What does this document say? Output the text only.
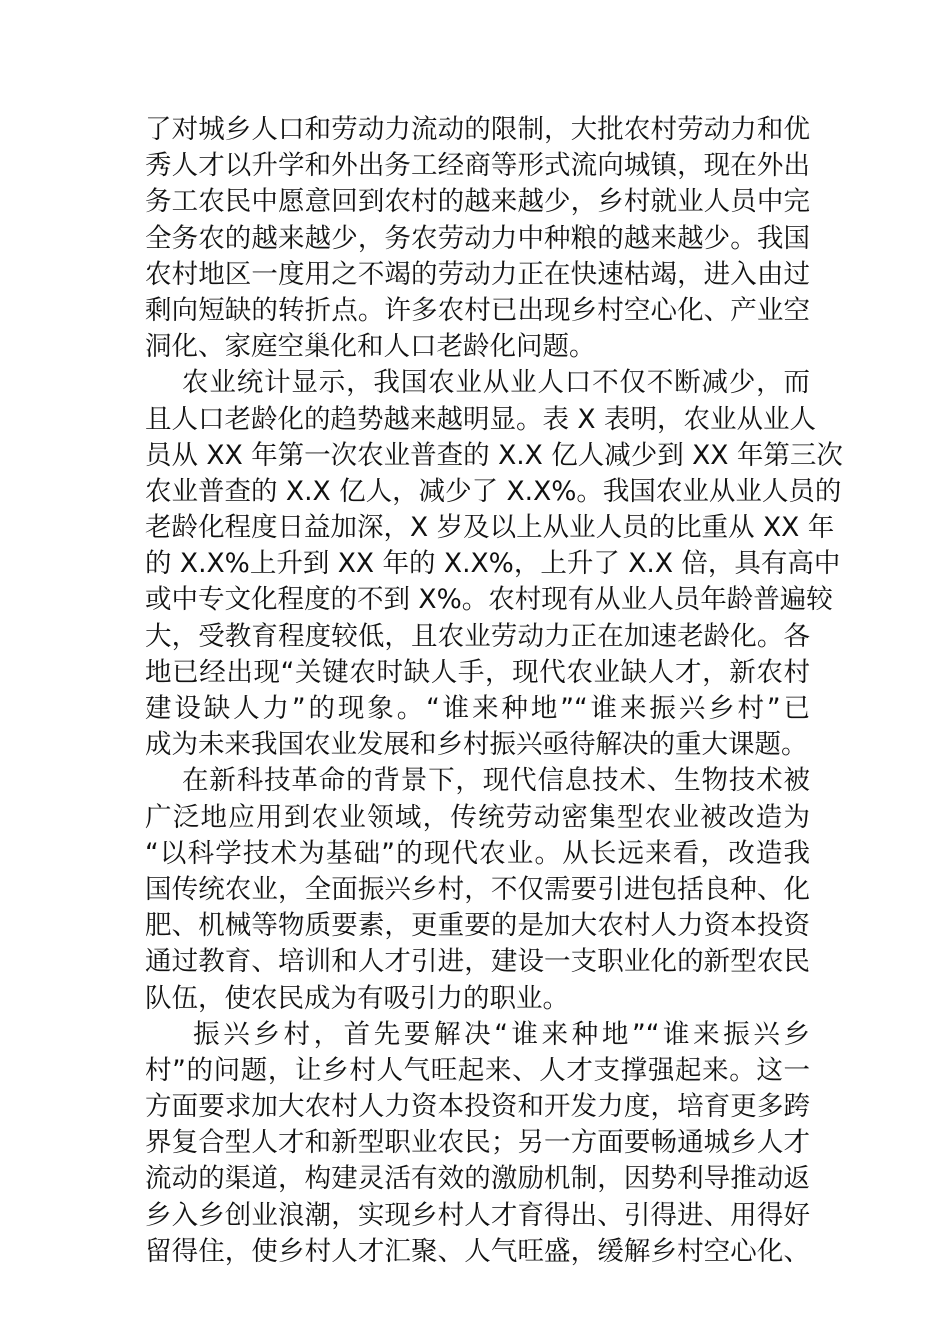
了对城乡人口和劳动力流动的限制，大批农村劳动力和优
秀人才以升学和外出务工经商等形式流向城镇，现在外出
务工农民中愿意回到农村的越来越少，乡村就业人员中完
全务农的越来越少，务农劳动力中种粮的越来越少。我国
农村地区一度用之不竭的劳动力正在快速枯竭，进入由过
剩向短缺的转折点。许多农村已出现乡村空心化、产业空
洞化、家庭空巢化和人口老龄化问题。
农业统计显示，我国农业从业人口不仅不断减少，而
且人口老龄化的趋势越来越明显。表 X 表明，农业从业人
员从 XX 年第一次农业普查的 X.X 亿人减少到 XX 年第三次
农业普查的 X.X 亿人，减少了 X.X%。我国农业从业人员的
老龄化程度日益加深，X 岁及以上从业人员的比重从 XX 年
的 X.X%上升到 XX 年的 X.X%，上升了 X.X 倍，具有高中
或中专文化程度的不到 X%。农村现有从业人员年龄普遍较
大，受教育程度较低，且农业劳动力正在加速老龄化。各
地已经出现“关键农时缺人手，现代农业缺人才，新农村
建设缺人力”的现象。“谁来种地”“谁来振兴乡村”已
成为未来我国农业发展和乡村振兴亟待解决的重大课题。
在新科技革命的背景下，现代信息技术、生物技术被
广泛地应用到农业领域，传统劳动密集型农业被改造为
“以科学技术为基础”的现代农业。从长远来看，改造我
国传统农业，全面振兴乡村，不仅需要引进包括良种、化
肥、机械等物质要素，更重要的是加大农村人力资本投资
通过教育、培训和人才引进，建设一支职业化的新型农民
队伍，使农民成为有吸引力的职业。
振兴乡村，首先要解决“谁来种地”“谁来振兴乡
村”的问题，让乡村人气旺起来、人才支撑强起来。这一
方面要求加大农村人力资本投资和开发力度，培育更多跨
界复合型人才和新型职业农民；另一方面要畅通城乡人才
流动的渠道，构建灵活有效的激励机制，因势利导推动返
乡入乡创业浪潮，实现乡村人才育得出、引得进、用得好
留得住，使乡村人才汇聚、人气旺盛，缓解乡村空心化、
